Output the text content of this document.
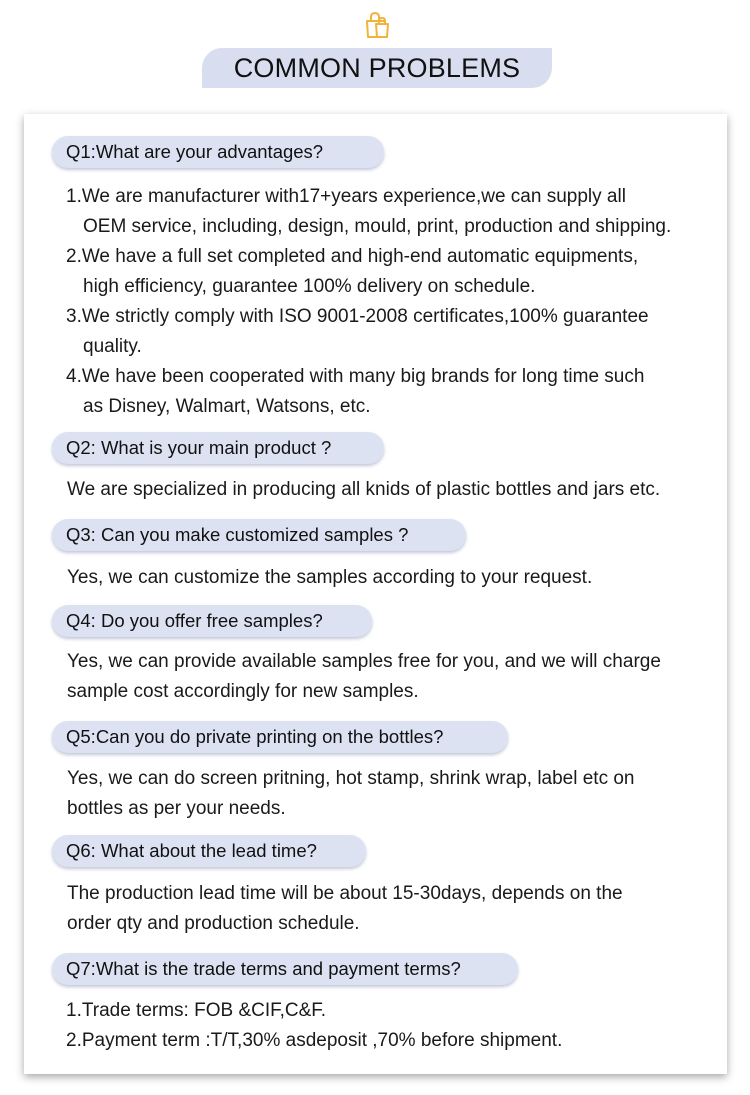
COMMON PROBLEMS
Q1:What are your advantages?
1.We are manufacturer with17+years experience,we can supply all
OEM service, including, design, mould, print, production and shipping.
2.We have a full set completed and high-end automatic equipments,
high efficiency, guarantee 100% delivery on schedule.
3.We strictly comply with ISO 9001-2008 certificates,100% guarantee
quality.
4.We have been cooperated with many big brands for long time such
as Disney, Walmart, Watsons, etc.
Q2: What is your main product ?
We are specialized in producing all knids of plastic bottles and jars etc.
Q3: Can you make customized samples ?
Yes, we can customize the samples according to your request.
Q4: Do you offer free samples?
Yes, we can provide available samples free for you, and we will charge
sample cost accordingly for new samples.
Q5:Can you do private printing on the bottles?
Yes, we can do screen pritning, hot stamp, shrink wrap, label etc on
bottles as per your needs.
Q6: What about the lead time?
The production lead time will be about 15-30days, depends on the
order qty and production schedule.
Q7:What is the trade terms and payment terms?
1.Trade terms: FOB &CIF,C&F.
2.Payment term :T/T,30% asdeposit ,70% before shipment.
